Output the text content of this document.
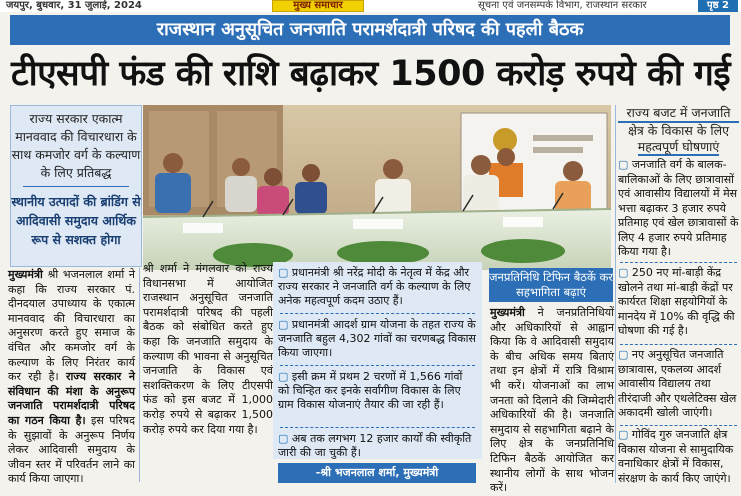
जयपुर, बुधवार, 31 जुलाई, 2024	मुख्य समाचार	सूचना एवं जनसम्पर्क विभाग, राजस्थान सरकार	पृष्ठ 2
राजस्थान अनुसूचित जनजाति परामर्शदात्री परिषद की पहली बैठक
टीएसपी फंड की राशि बढ़ाकर 1500 करोड़ रुपये की गई
राज्य सरकार एकात्म मानववाद की विचारधारा के साथ कमजोर वर्ग के कल्याण के लिए प्रतिबद्ध
स्थानीय उत्पादों की ब्रांडिंग से आदिवासी समुदाय आर्थिक रूप से सशक्त होगा
राज्य बजट में जनजाति
क्षेत्र के विकास के लिए
महत्वपूर्ण घोषणाएं
▢ जनजाति वर्ग के बालक-बालिकाओं के लिए छात्रावासों एवं आवासीय विद्यालयों में मेस भत्ता बढ़ाकर 3 हजार रुपये प्रतिमाह एवं खेल छात्रावासों के लिए 4 हजार रुपये प्रतिमाह किया गया है।
▢ 250 नए मां-बाड़ी केंद्र खोलने तथा मां-बाड़ी केंद्रों पर कार्यरत शिक्षा सहयोगियों के मानदेय में 10% की वृद्धि की घोषणा की गई है।
▢ नए अनुसूचित जनजाति छात्रावास, एकलव्य आदर्श आवासीय विद्यालय तथा तीरंदाजी और एथलेटिक्स खेल अकादमी खोली जाएंगी।
▢ गोविंद गुरु जनजाति क्षेत्र विकास योजना से सामुदायिक वनाधिकार क्षेत्रों में विकास, संरक्षण के कार्य किए जाएंगे।
मुख्यमंत्री श्री भजनलाल शर्मा ने कहा कि राज्य सरकार पं. दीनदयाल उपाध्याय के एकात्म मानववाद की विचारधारा का अनुसरण करते हुए समाज के वंचित और कमजोर वर्ग के कल्याण के लिए निरंतर कार्य कर रही है। राज्य सरकार ने संविधान की मंशा के अनुरूप जनजाति परामर्शदात्री परिषद का गठन किया है। इस परिषद के सुझावों के अनुरूप निर्णय लेकर आदिवासी समुदाय के जीवन स्तर में परिवर्तन लाने का कार्य किया जाएगा।
श्री शर्मा ने मंगलवार को राज्य विधानसभा में आयोजित राजस्थान अनुसूचित जनजाति परामर्शदात्री परिषद की पहली बैठक को संबोधित करते हुए कहा कि जनजाति समुदाय के कल्याण की भावना से अनुसूचित जनजाति के विकास एवं सशक्तिकरण के लिए टीएसपी फंड को इस बजट में 1,000 करोड़ रुपये से बढ़ाकर 1,500 करोड़ रुपये कर दिया गया है।
▢ प्रधानमंत्री श्री नरेंद्र मोदी के नेतृत्व में केंद्र और राज्य सरकार ने जनजाति वर्ग के कल्याण के लिए अनेक महत्वपूर्ण कदम उठाए हैं।
▢ प्रधानमंत्री आदर्श ग्राम योजना के तहत राज्य के जनजाति बहुल 4,302 गांवों का चरणबद्ध विकास किया जाएगा।
▢ इसी क्रम में प्रथम 2 चरणों में 1,566 गांवों को चिन्हित कर इनके सर्वांगीण विकास के लिए ग्राम विकास योजनाएं तैयार की जा रही हैं।
▢ अब तक लगभग 12 हजार कार्यों की स्वीकृति जारी की जा चुकी हैं।
-श्री भजनलाल शर्मा, मुख्यमंत्री
जनप्रतिनिधि टिफिन बैठकें कर सहभागिता बढ़ाएं
मुख्यमंत्री ने जनप्रतिनिधियों और अधिकारियों से आह्वान किया कि वे आदिवासी समुदाय के बीच अधिक समय बिताएं तथा इन क्षेत्रों में रात्रि विश्राम भी करें। योजनाओं का लाभ जनता को दिलाने की जिम्मेदारी अधिकारियों की है। जनजाति समुदाय से सहभागिता बढ़ाने के लिए क्षेत्र के जनप्रतिनिधि टिफिन बैठकें आयोजित कर स्थानीय लोगों के साथ भोजन करें।
